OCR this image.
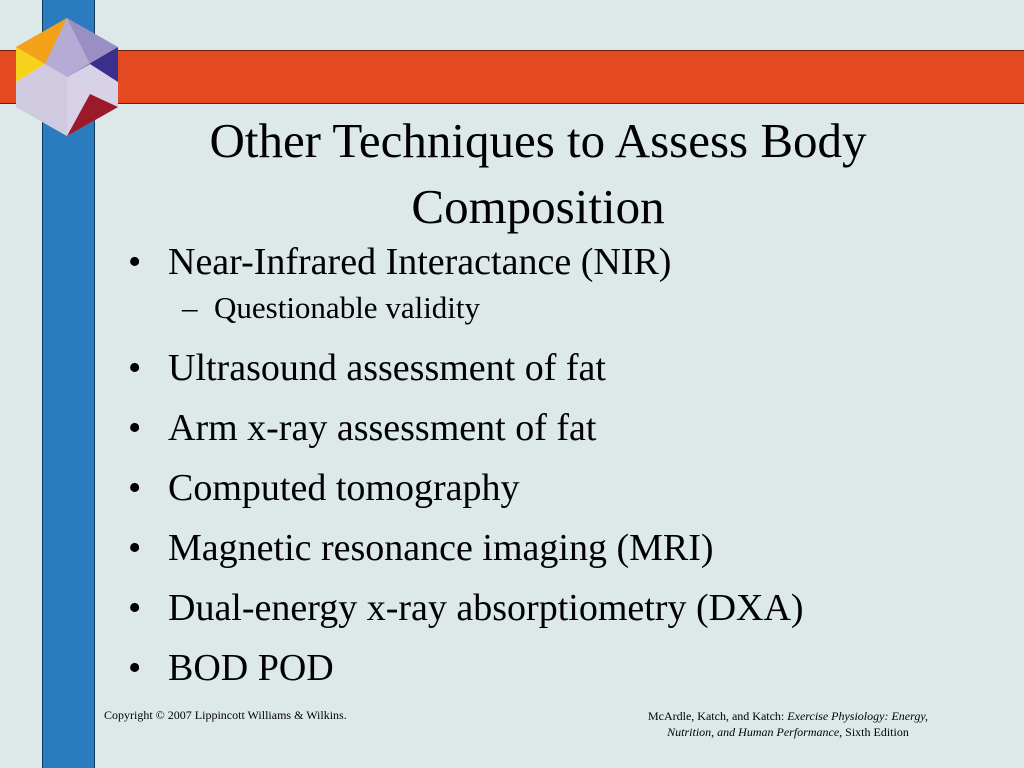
Other Techniques to Assess Body
Composition
• Near-Infrared Interactance (NIR)
– Questionable validity
• Ultrasound assessment of fat
• Arm x-ray assessment of fat
• Computed tomography
• Magnetic resonance imaging (MRI)
• Dual-energy x-ray absorptiometry (DXA)
• BOD POD
Copyright © 2007 Lippincott Williams & Wilkins.	McArdle, Katch, and Katch: Exercise Physiology: Energy,
Nutrition, and Human Performance, Sixth Edition
